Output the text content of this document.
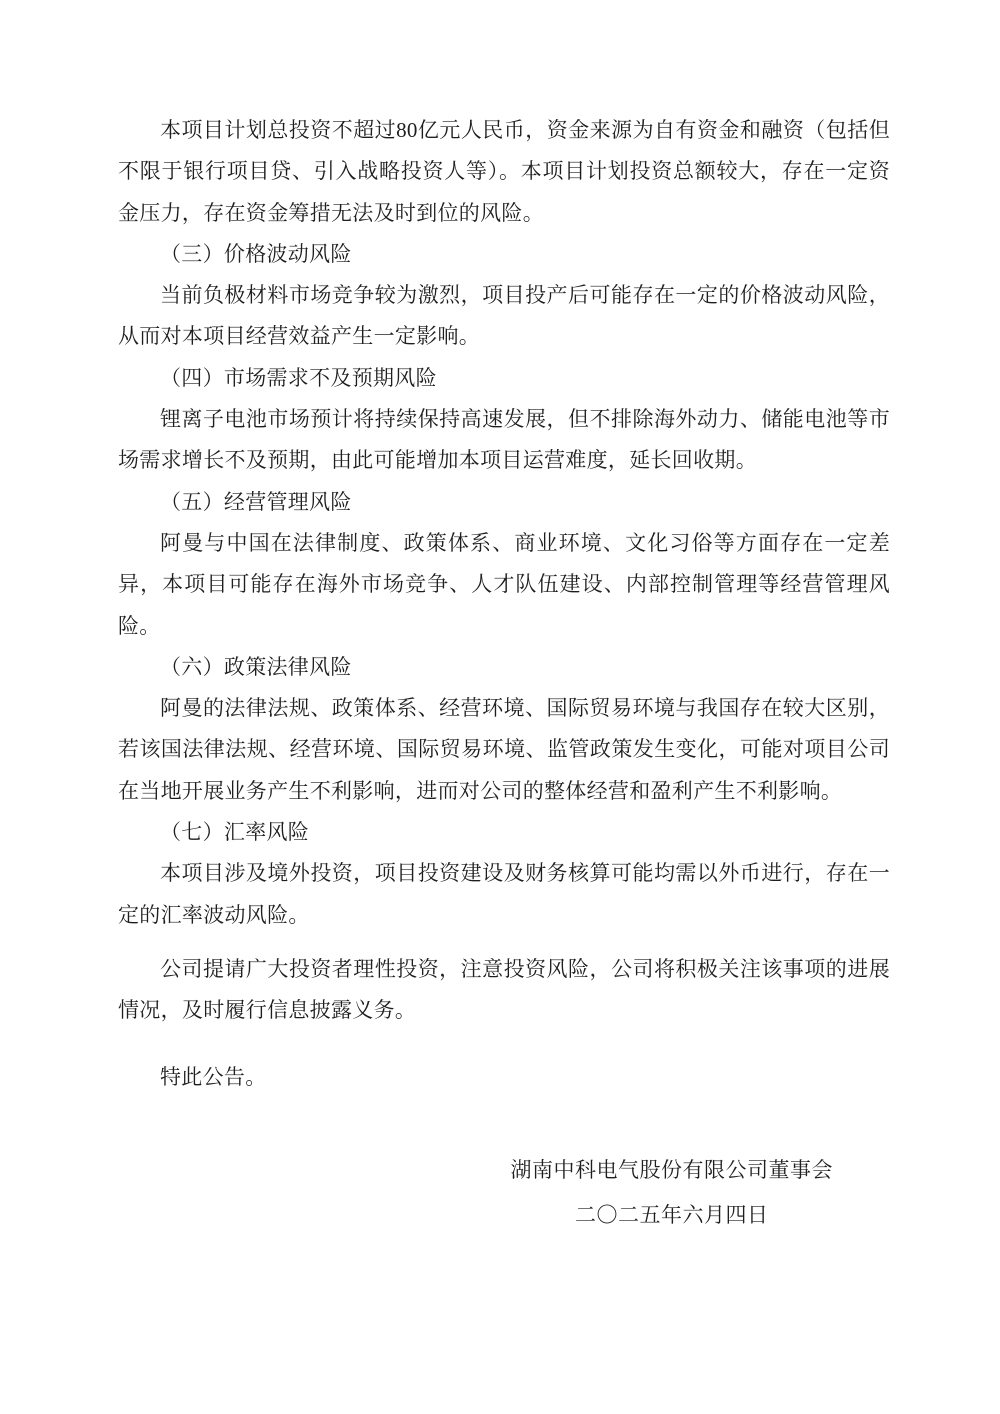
本项目计划总投资不超过80亿元人民币，资金来源为自有资金和融资（包括但不限于银行项目贷、引入战略投资人等）。本项目计划投资总额较大，存在一定资金压力，存在资金筹措无法及时到位的风险。

（三）价格波动风险

当前负极材料市场竞争较为激烈，项目投产后可能存在一定的价格波动风险，从而对本项目经营效益产生一定影响。

（四）市场需求不及预期风险

锂离子电池市场预计将持续保持高速发展，但不排除海外动力、储能电池等市场需求增长不及预期，由此可能增加本项目运营难度，延长回收期。

（五）经营管理风险

阿曼与中国在法律制度、政策体系、商业环境、文化习俗等方面存在一定差异，本项目可能存在海外市场竞争、人才队伍建设、内部控制管理等经营管理风险。

（六）政策法律风险

阿曼的法律法规、政策体系、经营环境、国际贸易环境与我国存在较大区别，若该国法律法规、经营环境、国际贸易环境、监管政策发生变化，可能对项目公司在当地开展业务产生不利影响，进而对公司的整体经营和盈利产生不利影响。

（七）汇率风险

本项目涉及境外投资，项目投资建设及财务核算可能均需以外币进行，存在一定的汇率波动风险。

公司提请广大投资者理性投资，注意投资风险，公司将积极关注该事项的进展情况，及时履行信息披露义务。

特此公告。

湖南中科电气股份有限公司董事会

二〇二五年六月四日
